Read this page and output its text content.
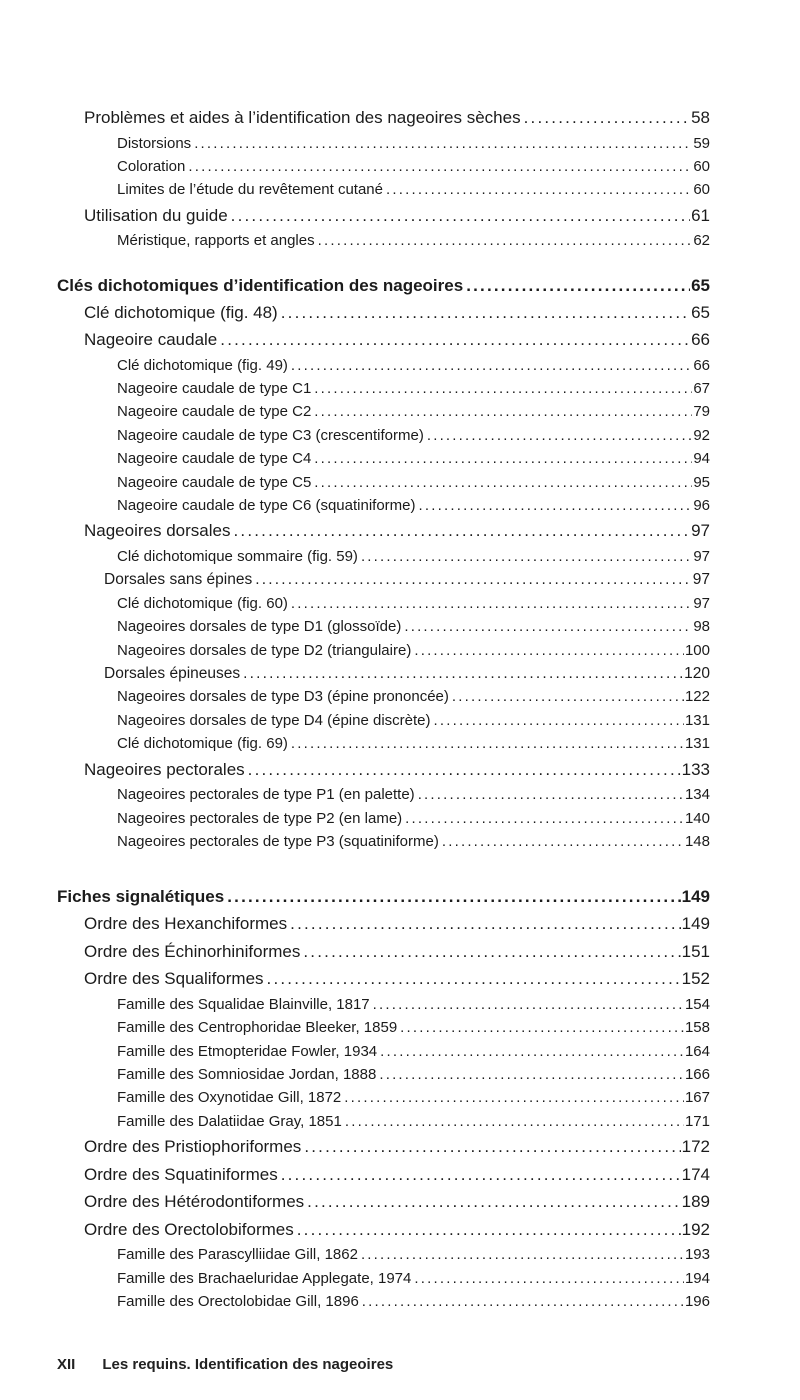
Problèmes et aides à l’identification des nageoires sèches .....	58
Distorsions .....	59
Coloration .....	60
Limites de l’étude du revêtement cutané .....	60
Utilisation du guide .....	61
Méristique, rapports et angles .....	62
Clés dichotomiques d’identification des nageoires .....	65
Clé dichotomique (fig. 48) .....	65
Nageoire caudale .....	66
Clé dichotomique (fig. 49) .....	66
Nageoire caudale de type C1 .....	67
Nageoire caudale de type C2 .....	79
Nageoire caudale de type C3 (crescentiforme) .....	92
Nageoire caudale de type C4 .....	94
Nageoire caudale de type C5 .....	95
Nageoire caudale de type C6 (squatiniforme) .....	96
Nageoires dorsales .....	97
Clé dichotomique sommaire (fig. 59) .....	97
Dorsales sans épines .....	97
Clé dichotomique (fig. 60) .....	97
Nageoires dorsales de type D1 (glossoïde) .....	98
Nageoires dorsales de type D2 (triangulaire) .....	100
Dorsales épineuses .....	120
Nageoires dorsales de type D3 (épine prononcée) .....	122
Nageoires dorsales de type D4 (épine discrète) .....	131
Clé dichotomique (fig. 69) .....	131
Nageoires pectorales .....	133
Nageoires pectorales de type P1 (en palette) .....	134
Nageoires pectorales de type P2 (en lame) .....	140
Nageoires pectorales de type P3 (squatiniforme) .....	148
Fiches signalétiques .....	149
Ordre des Hexanchiformes .....	149
Ordre des Échinorhiniformes .....	151
Ordre des Squaliformes .....	152
Famille des Squalidae Blainville, 1817 .....	154
Famille des Centrophoridae Bleeker, 1859 .....	158
Famille des Etmopteridae Fowler, 1934 .....	164
Famille des Somniosidae Jordan, 1888 .....	166
Famille des Oxynotidae Gill, 1872 .....	167
Famille des Dalatiidae Gray, 1851 .....	171
Ordre des Pristiophoriformes .....	172
Ordre des Squatiniformes .....	174
Ordre des Hétérodontiformes .....	189
Ordre des Orectolobiformes .....	192
Famille des Parascylliidae Gill, 1862 .....	193
Famille des Brachaeluridae Applegate, 1974 .....	194
Famille des Orectolobidae Gill, 1896 .....	196
XII Les requins. Identification des nageoires
